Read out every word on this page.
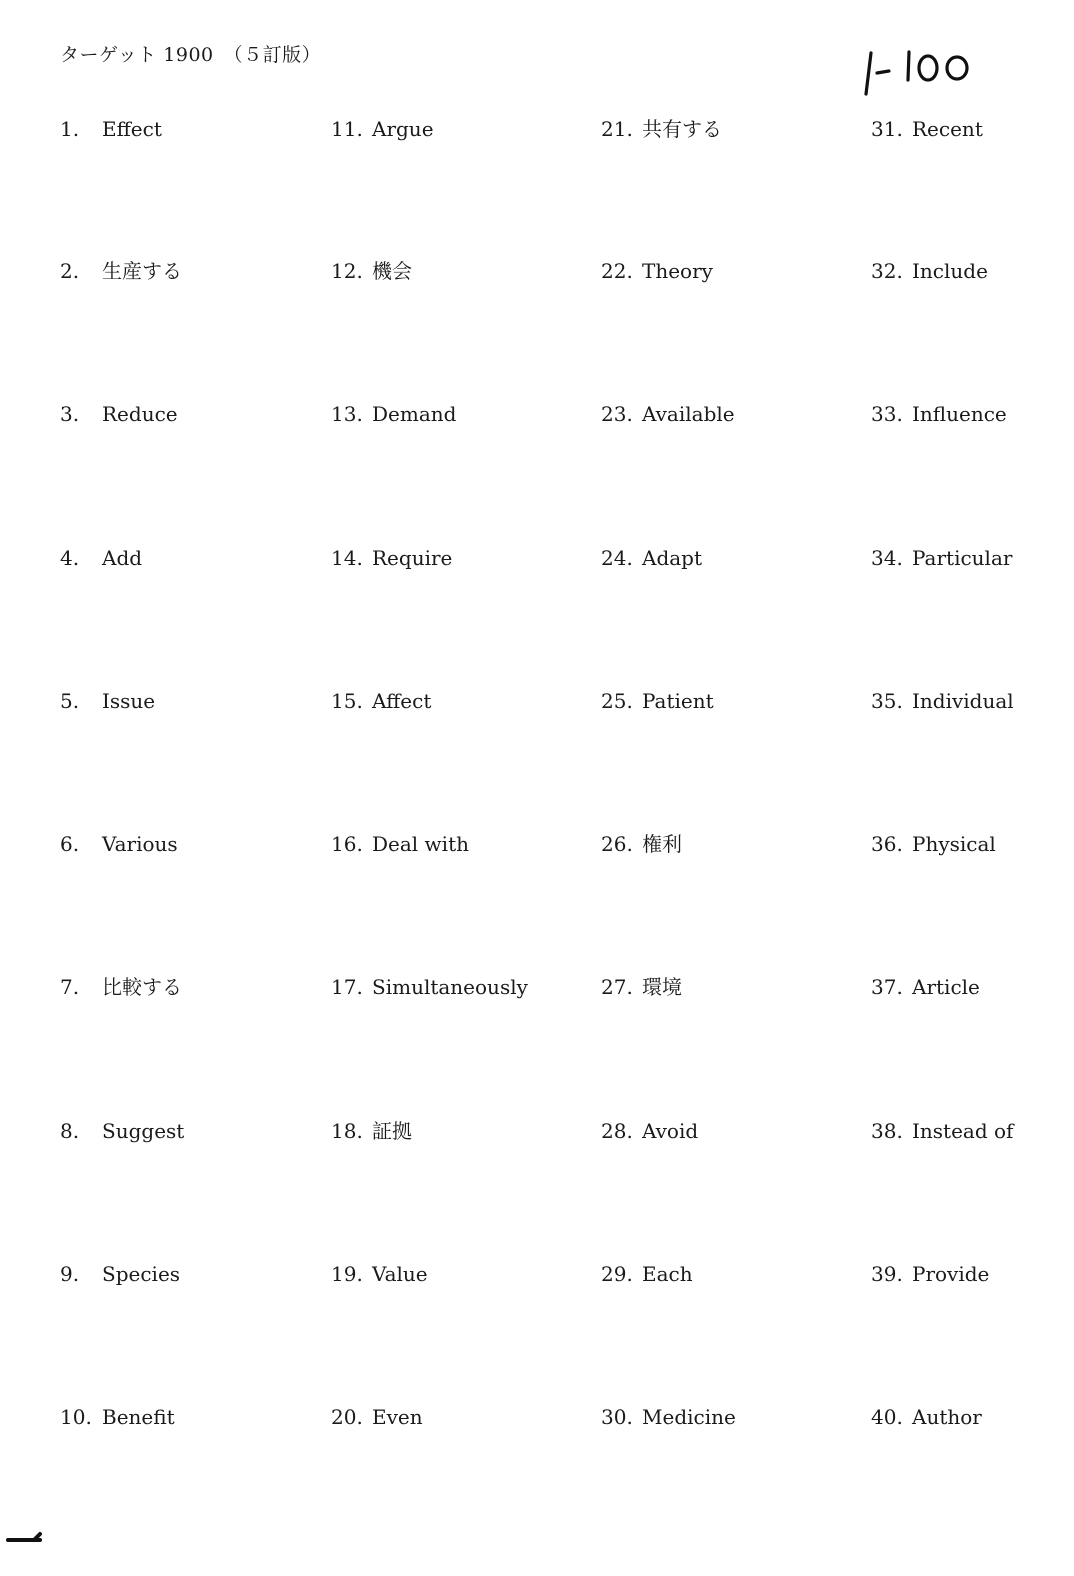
ターゲット 1900　（５訂版）
1. Effect
2. 生産する
3. Reduce
4. Add
5. Issue
6. Various
7. 比較する
8. Suggest
9. Species
10. Benefit
11. Argue
12. 機会
13. Demand
14. Require
15. Affect
16. Deal with
17. Simultaneously
18. 証拠
19. Value
20. Even
21. 共有する
22. Theory
23. Available
24. Adapt
25. Patient
26. 権利
27. 環境
28. Avoid
29. Each
30. Medicine
31. Recent
32. Include
33. Influence
34. Particular
35. Individual
36. Physical
37. Article
38. Instead of
39. Provide
40. Author
